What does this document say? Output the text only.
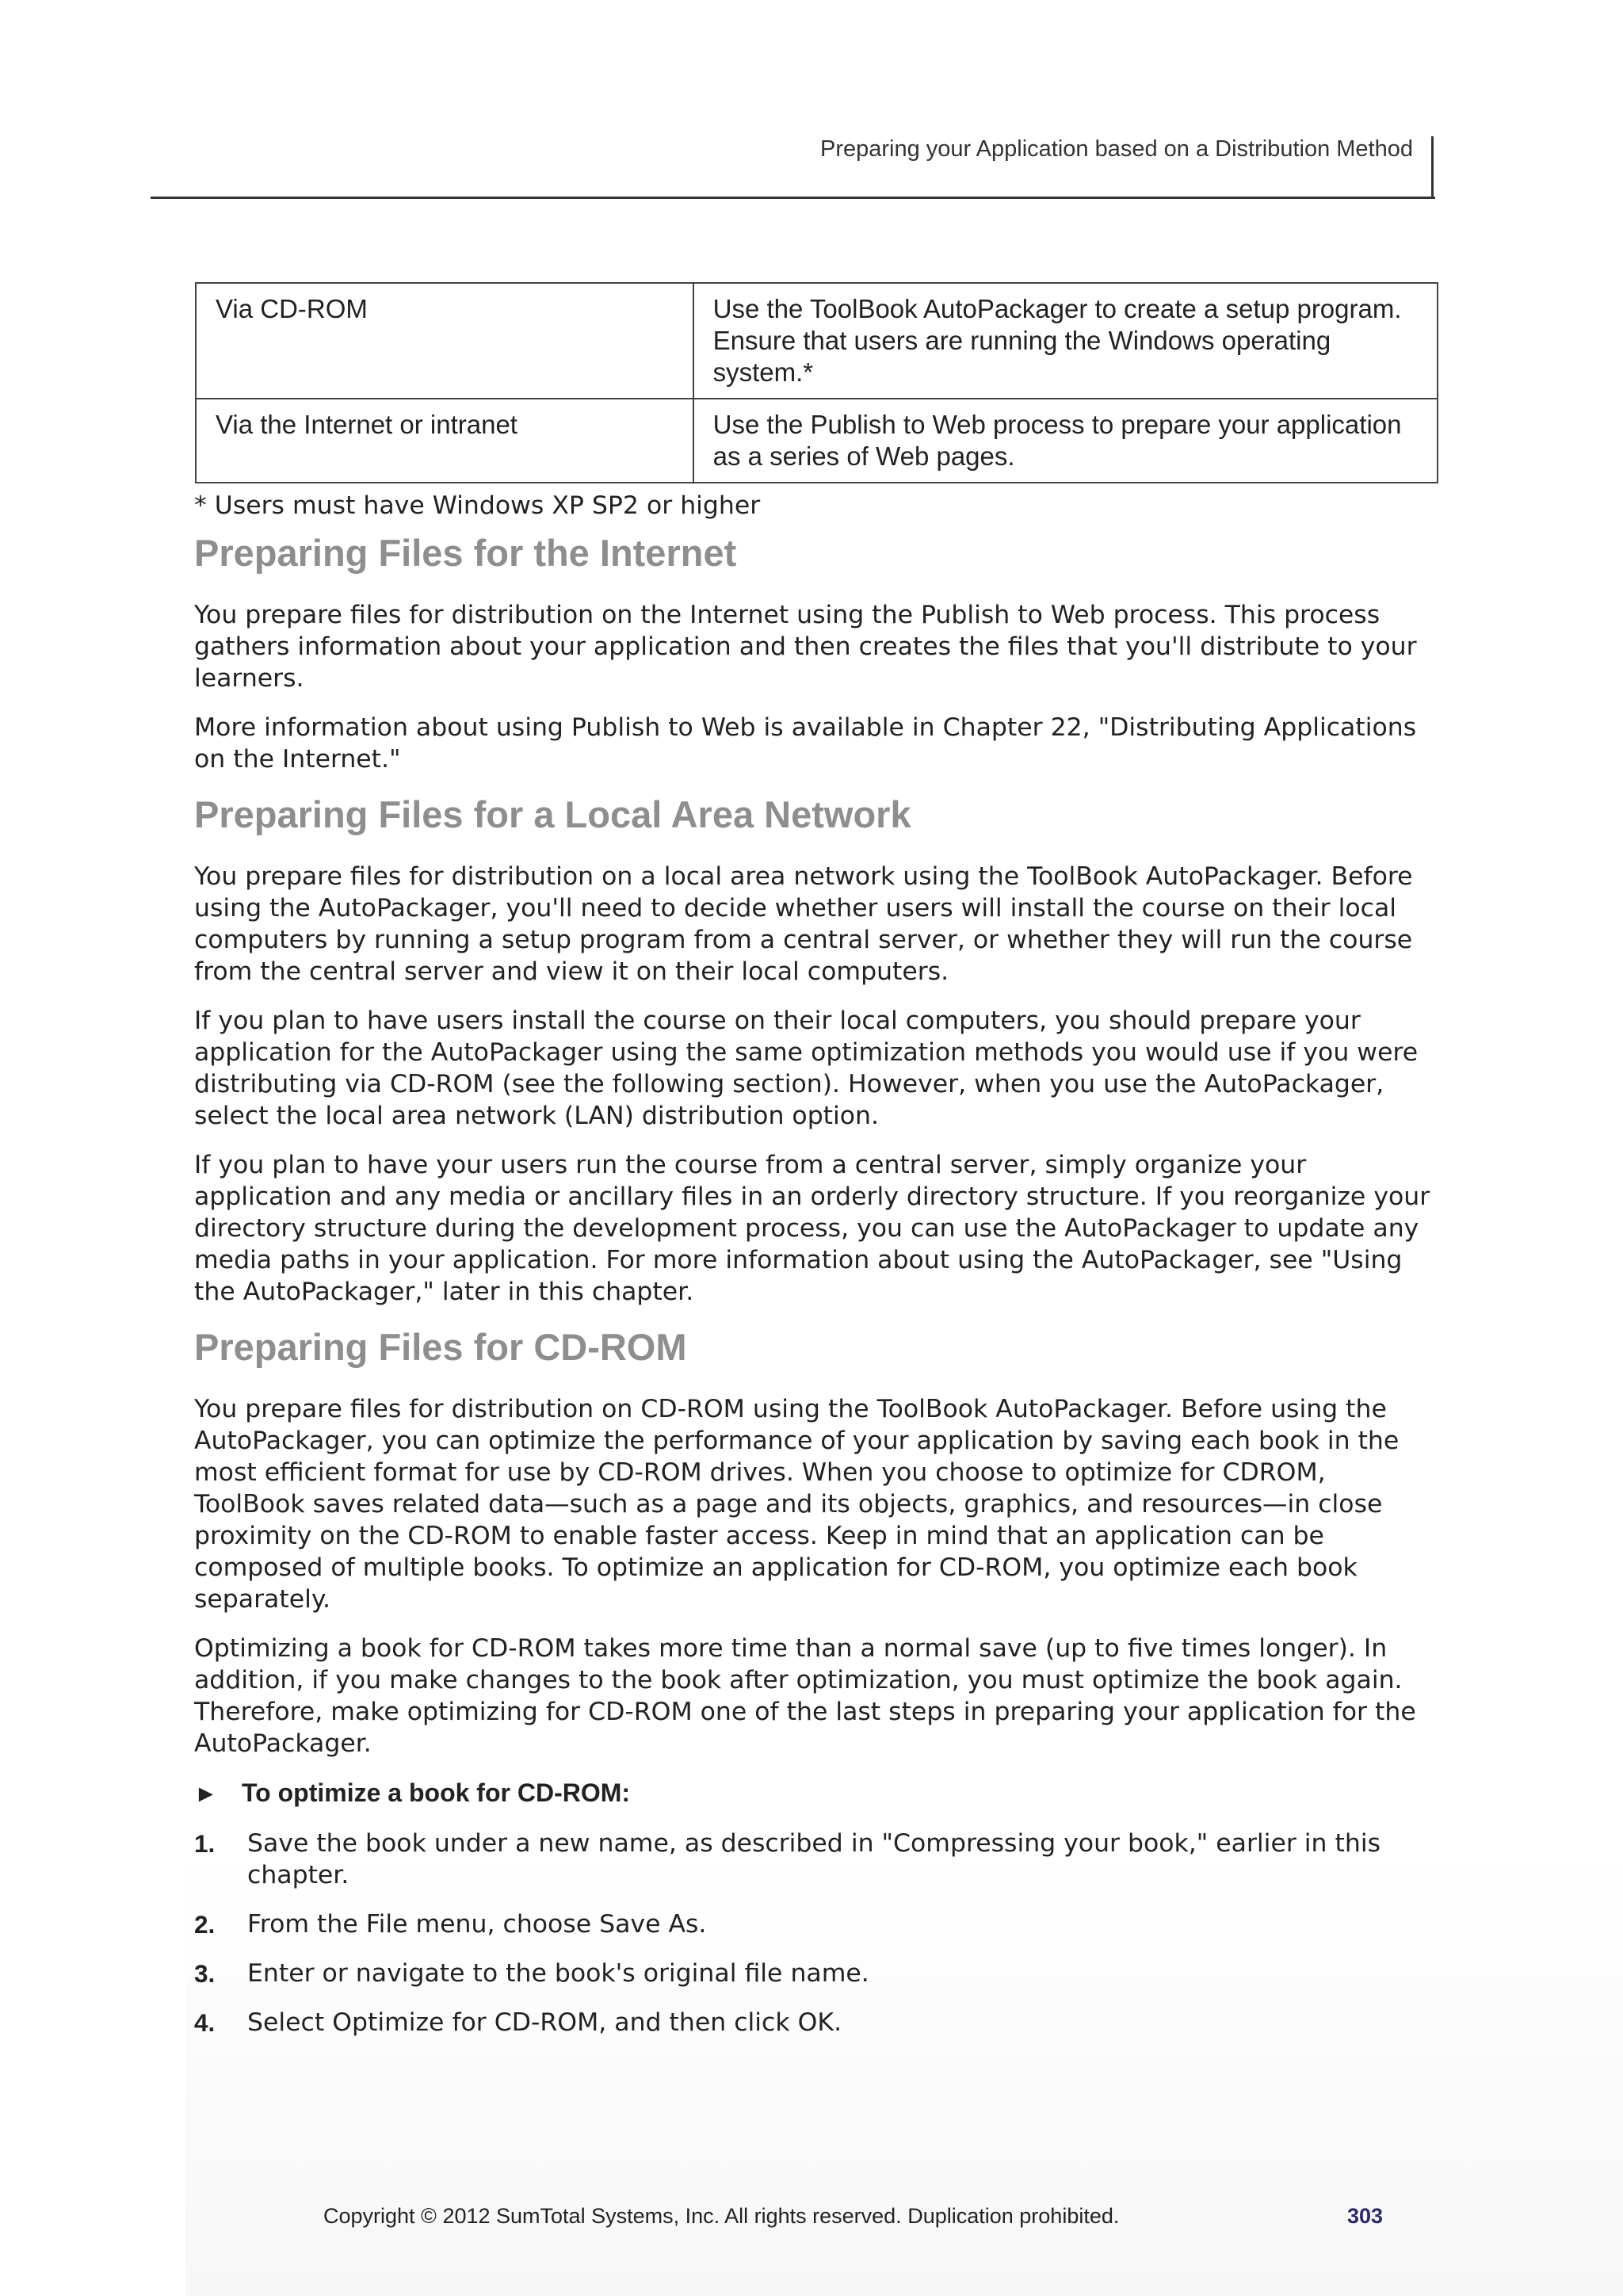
Preparing your Application based on a Distribution Method
Via CD-ROM	Use the ToolBook AutoPackager to create a setup program. Ensure that users are running the Windows operating system.*
Via the Internet or intranet	Use the Publish to Web process to prepare your application as a series of Web pages.

* Users must have Windows XP SP2 or higher

Preparing Files for the Internet

You prepare files for distribution on the Internet using the Publish to Web process. This process gathers information about your application and then creates the files that you'll distribute to your learners.

More information about using Publish to Web is available in Chapter 22, "Distributing Applications on the Internet."

Preparing Files for a Local Area Network

You prepare files for distribution on a local area network using the ToolBook AutoPackager. Before using the AutoPackager, you'll need to decide whether users will install the course on their local computers by running a setup program from a central server, or whether they will run the course from the central server and view it on their local computers.

If you plan to have users install the course on their local computers, you should prepare your application for the AutoPackager using the same optimization methods you would use if you were distributing via CD-ROM (see the following section). However, when you use the AutoPackager, select the local area network (LAN) distribution option.

If you plan to have your users run the course from a central server, simply organize your application and any media or ancillary files in an orderly directory structure. If you reorganize your directory structure during the development process, you can use the AutoPackager to update any media paths in your application. For more information about using the AutoPackager, see "Using the AutoPackager," later in this chapter.

Preparing Files for CD-ROM

You prepare files for distribution on CD-ROM using the ToolBook AutoPackager. Before using the AutoPackager, you can optimize the performance of your application by saving each book in the most efficient format for use by CD-ROM drives. When you choose to optimize for CDROM, ToolBook saves related data—such as a page and its objects, graphics, and resources—in close proximity on the CD-ROM to enable faster access. Keep in mind that an application can be composed of multiple books. To optimize an application for CD-ROM, you optimize each book separately.

Optimizing a book for CD-ROM takes more time than a normal save (up to five times longer). In addition, if you make changes to the book after optimization, you must optimize the book again. Therefore, make optimizing for CD-ROM one of the last steps in preparing your application for the AutoPackager.

► To optimize a book for CD-ROM:
1. Save the book under a new name, as described in "Compressing your book," earlier in this chapter.
2. From the File menu, choose Save As.
3. Enter or navigate to the book's original file name.
4. Select Optimize for CD-ROM, and then click OK.
Copyright © 2012 SumTotal Systems, Inc. All rights reserved. Duplication prohibited.	303
